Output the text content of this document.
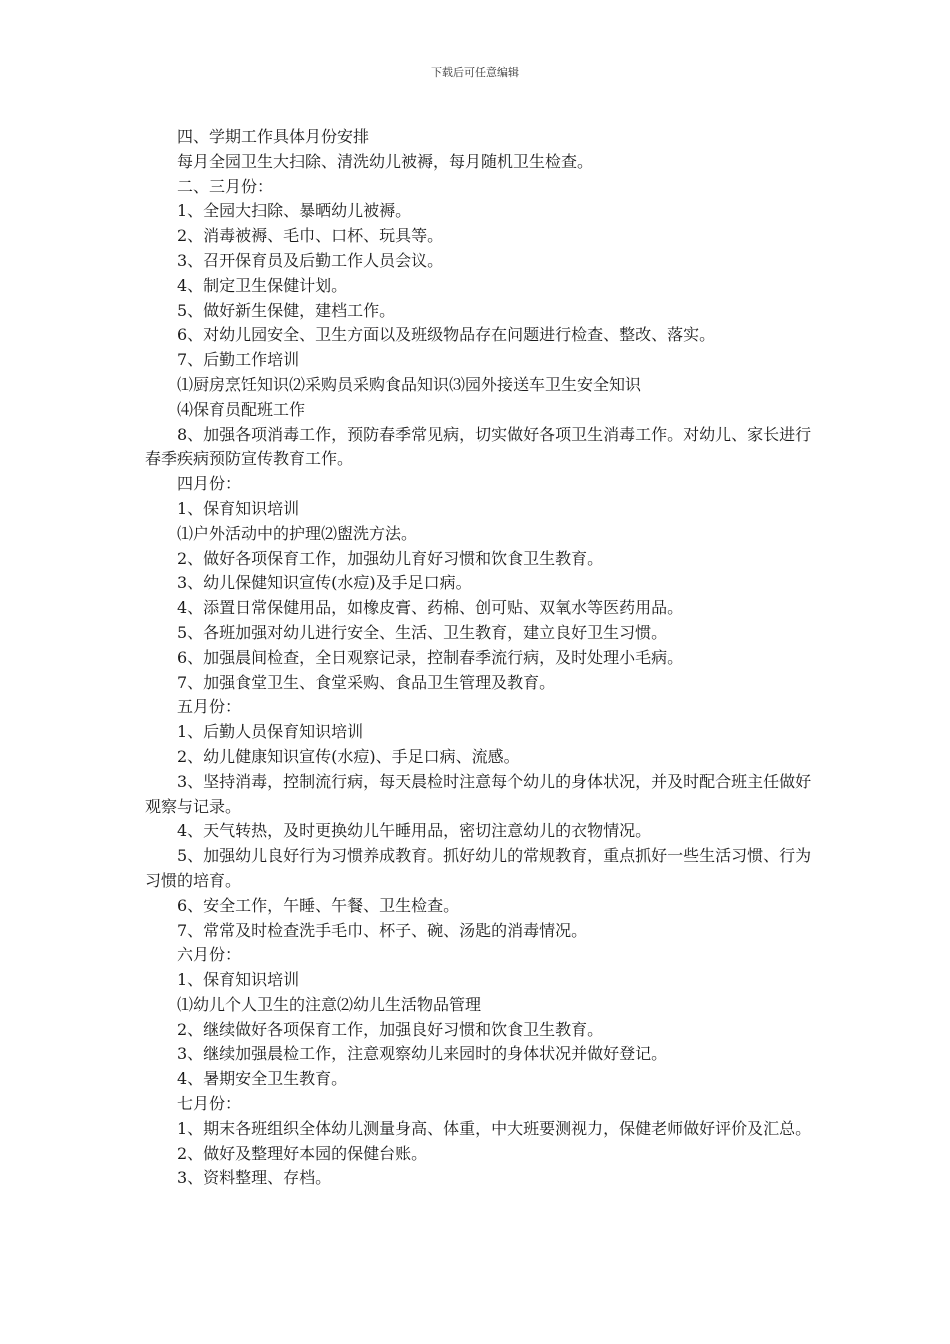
下载后可任意编辑

四、学期工作具体月份安排

每月全园卫生大扫除、清洗幼儿被褥，每月随机卫生检查。

二、三月份：

1、全园大扫除、暴晒幼儿被褥。

2、消毒被褥、毛巾、口杯、玩具等。

3、召开保育员及后勤工作人员会议。

4、制定卫生保健计划。

5、做好新生保健，建档工作。

6、对幼儿园安全、卫生方面以及班级物品存在问题进行检查、整改、落实。

7、后勤工作培训

⑴厨房烹饪知识⑵采购员采购食品知识⑶园外接送车卫生安全知识

⑷保育员配班工作

8、加强各项消毒工作，预防春季常见病，切实做好各项卫生消毒工作。对幼儿、家长进行春季疾病预防宣传教育工作。

四月份：

1、保育知识培训

⑴户外活动中的护理⑵盥洗方法。

2、做好各项保育工作，加强幼儿育好习惯和饮食卫生教育。

3、幼儿保健知识宣传(水痘)及手足口病。

4、添置日常保健用品，如橡皮膏、药棉、创可贴、双氧水等医药用品。

5、各班加强对幼儿进行安全、生活、卫生教育，建立良好卫生习惯。

6、加强晨间检查，全日观察记录，控制春季流行病，及时处理小毛病。

7、加强食堂卫生、食堂采购、食品卫生管理及教育。

五月份：

1、后勤人员保育知识培训

2、幼儿健康知识宣传(水痘)、手足口病、流感。

3、坚持消毒，控制流行病，每天晨检时注意每个幼儿的身体状况，并及时配合班主任做好观察与记录。

4、天气转热，及时更换幼儿午睡用品，密切注意幼儿的衣物情况。

5、加强幼儿良好行为习惯养成教育。抓好幼儿的常规教育，重点抓好一些生活习惯、行为习惯的培育。

6、安全工作，午睡、午餐、卫生检查。

7、常常及时检查洗手毛巾、杯子、碗、汤匙的消毒情况。

六月份：

1、保育知识培训

⑴幼儿个人卫生的注意⑵幼儿生活物品管理

2、继续做好各项保育工作，加强良好习惯和饮食卫生教育。

3、继续加强晨检工作，注意观察幼儿来园时的身体状况并做好登记。

4、暑期安全卫生教育。

七月份：

1、期末各班组织全体幼儿测量身高、体重，中大班要测视力，保健老师做好评价及汇总。

2、做好及整理好本园的保健台账。

3、资料整理、存档。
